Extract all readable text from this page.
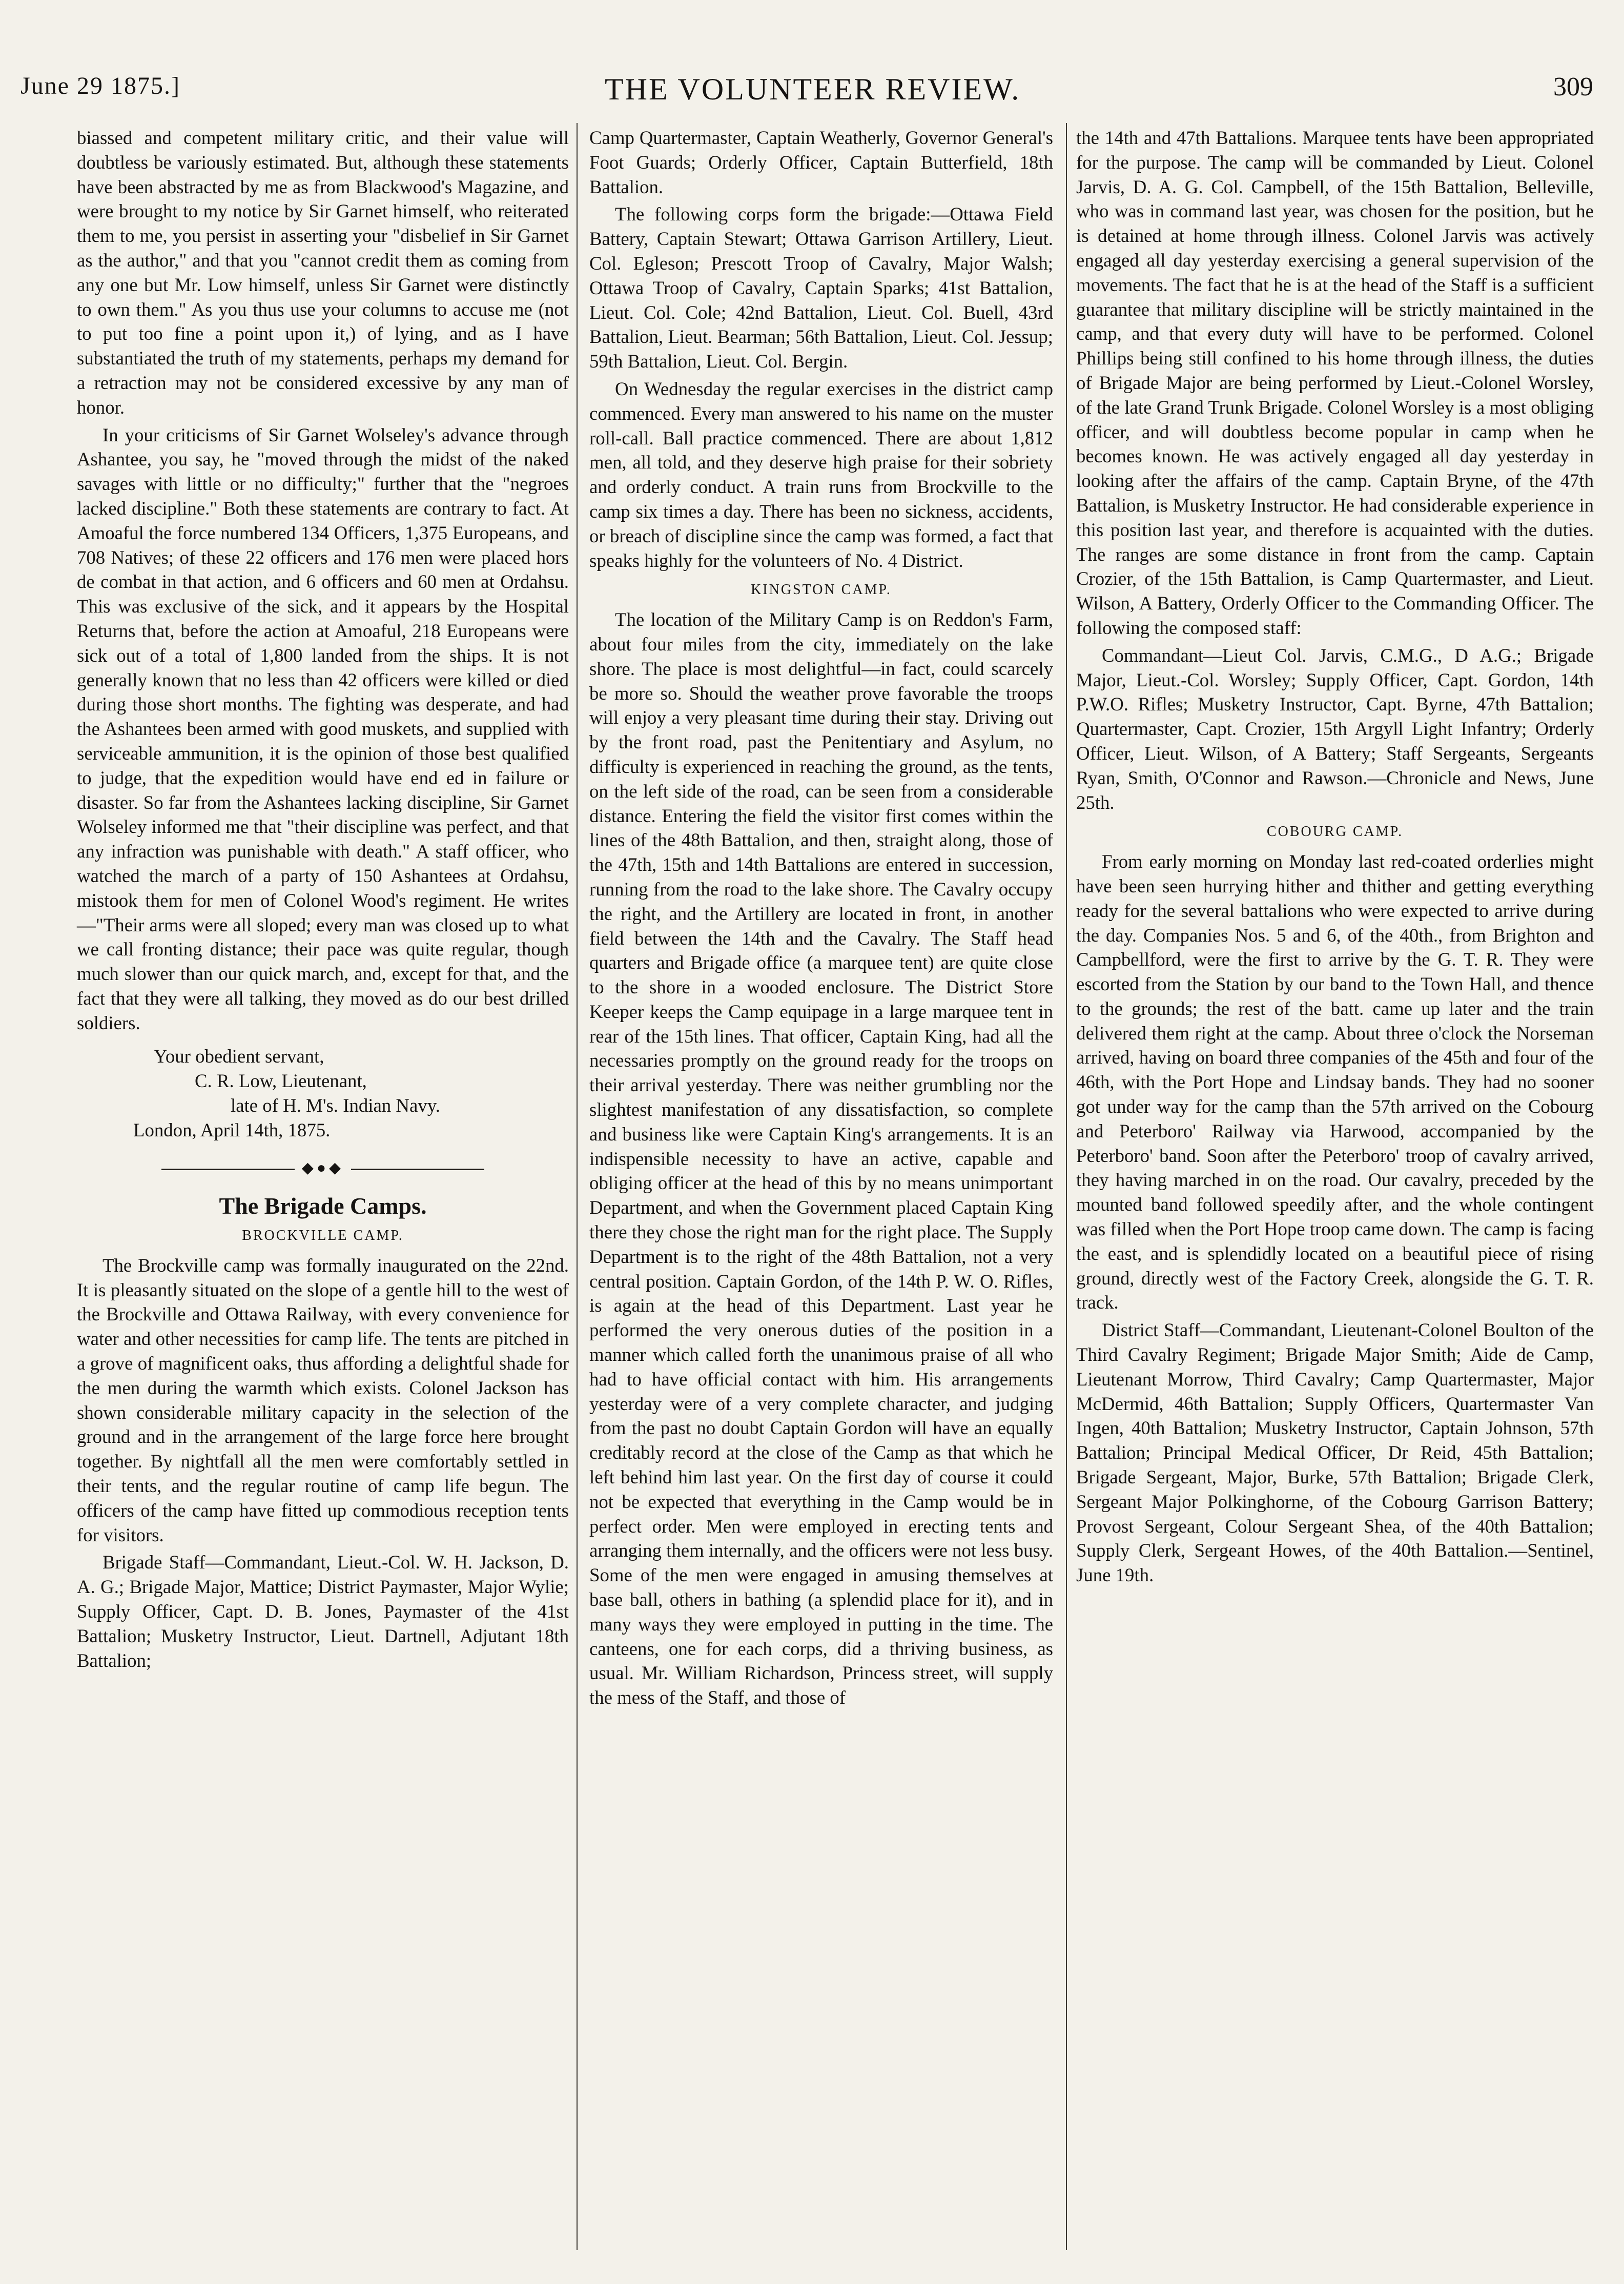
June 29 1875.]	THE VOLUNTEER REVIEW.	309

biassed and competent military critic, and their value will doubtless be variously estimated. But, although these statements have been abstracted by me as from Blackwood's Magazine, and were brought to my notice by Sir Garnet himself, who reiterated them to me, you persist in asserting your "disbelief in Sir Garnet as the author," and that you "cannot credit them as coming from any one but Mr. Low himself, unless Sir Garnet were distinctly to own them." As you thus use your columns to accuse me (not to put too fine a point upon it,) of lying, and as I have substantiated the truth of my statements, perhaps my demand for a retraction may not be considered excessive by any man of honor.

In your criticisms of Sir Garnet Wolseley's advance through Ashantee, you say, he "moved through the midst of the naked savages with little or no difficulty;" further that the "negroes lacked discipline." Both these statements are contrary to fact. At Amoaful the force numbered 134 Officers, 1,375 Europeans, and 708 Natives; of these 22 officers and 176 men were placed hors de combat in that action, and 6 officers and 60 men at Ordahsu. This was exclusive of the sick, and it appears by the Hospital Returns that, before the action at Amoaful, 218 Europeans were sick out of a total of 1,800 landed from the ships. It is not generally known that no less than 42 officers were killed or died during those short months. The fighting was desperate, and had the Ashantees been armed with good muskets, and supplied with serviceable ammunition, it is the opinion of those best qualified to judge, that the expedition would have end ed in failure or disaster. So far from the Ashantees lacking discipline, Sir Garnet Wolseley informed me that "their discipline was perfect, and that any infraction was punishable with death." A staff officer, who watched the march of a party of 150 Ashantees at Ordahsu, mistook them for men of Colonel Wood's regiment. He writes—"Their arms were all sloped; every man was closed up to what we call fronting distance; their pace was quite regular, though much slower than our quick march, and, except for that, and the fact that they were all talking, they moved as do our best drilled soldiers.

Your obedient servant,
C. R. Low, Lieutenant,
late of H. M's. Indian Navy.
London, April 14th, 1875.
◆●◆
The Brigade Camps.
BROCKVILLE CAMP.

The Brockville camp was formally inaugurated on the 22nd. It is pleasantly situated on the slope of a gentle hill to the west of the Brockville and Ottawa Railway, with every convenience for water and other necessities for camp life. The tents are pitched in a grove of magnificent oaks, thus affording a delightful shade for the men during the warmth which exists. Colonel Jackson has shown considerable military capacity in the selection of the ground and in the arrangement of the large force here brought together. By nightfall all the men were comfortably settled in their tents, and the regular routine of camp life begun. The officers of the camp have fitted up commodious reception tents for visitors.

Brigade Staff—Commandant, Lieut.-Col. W. H. Jackson, D. A. G.; Brigade Major, Mattice; District Paymaster, Major Wylie; Supply Officer, Capt. D. B. Jones, Paymaster of the 41st Battalion; Musketry Instructor, Lieut. Dartnell, Adjutant 18th Battalion;

Camp Quartermaster, Captain Weatherly, Governor General's Foot Guards; Orderly Officer, Captain Butterfield, 18th Battalion.

The following corps form the brigade:—Ottawa Field Battery, Captain Stewart; Ottawa Garrison Artillery, Lieut. Col. Egleson; Prescott Troop of Cavalry, Major Walsh; Ottawa Troop of Cavalry, Captain Sparks; 41st Battalion, Lieut. Col. Cole; 42nd Battalion, Lieut. Col. Buell, 43rd Battalion, Lieut. Bearman; 56th Battalion, Lieut. Col. Jessup; 59th Battalion, Lieut. Col. Bergin.

On Wednesday the regular exercises in the district camp commenced. Every man answered to his name on the muster roll-call. Ball practice commenced. There are about 1,812 men, all told, and they deserve high praise for their sobriety and orderly conduct. A train runs from Brockville to the camp six times a day. There has been no sickness, accidents, or breach of discipline since the camp was formed, a fact that speaks highly for the volunteers of No. 4 District.

KINGSTON CAMP.

The location of the Military Camp is on Reddon's Farm, about four miles from the city, immediately on the lake shore. The place is most delightful—in fact, could scarcely be more so. Should the weather prove favorable the troops will enjoy a very pleasant time during their stay. Driving out by the front road, past the Penitentiary and Asylum, no difficulty is experienced in reaching the ground, as the tents, on the left side of the road, can be seen from a considerable distance. Entering the field the visitor first comes within the lines of the 48th Battalion, and then, straight along, those of the 47th, 15th and 14th Battalions are entered in succession, running from the road to the lake shore. The Cavalry occupy the right, and the Artillery are located in front, in another field between the 14th and the Cavalry. The Staff head quarters and Brigade office (a marquee tent) are quite close to the shore in a wooded enclosure. The District Store Keeper keeps the Camp equipage in a large marquee tent in rear of the 15th lines. That officer, Captain King, had all the necessaries promptly on the ground ready for the troops on their arrival yesterday. There was neither grumbling nor the slightest manifestation of any dissatisfaction, so complete and business like were Captain King's arrangements. It is an indispensible necessity to have an active, capable and obliging officer at the head of this by no means unimportant Department, and when the Government placed Captain King there they chose the right man for the right place. The Supply Department is to the right of the 48th Battalion, not a very central position. Captain Gordon, of the 14th P. W. O. Rifles, is again at the head of this Department. Last year he performed the very onerous duties of the position in a manner which called forth the unanimous praise of all who had to have official contact with him. His arrangements yesterday were of a very complete character, and judging from the past no doubt Captain Gordon will have an equally creditably record at the close of the Camp as that which he left behind him last year. On the first day of course it could not be expected that everything in the Camp would be in perfect order. Men were employed in erecting tents and arranging them internally, and the officers were not less busy. Some of the men were engaged in amusing themselves at base ball, others in bathing (a splendid place for it), and in many ways they were employed in putting in the time. The canteens, one for each corps, did a thriving business, as usual. Mr. William Richardson, Princess street, will supply the mess of the Staff, and those of

the 14th and 47th Battalions. Marquee tents have been appropriated for the purpose. The camp will be commanded by Lieut. Colonel Jarvis, D. A. G. Col. Campbell, of the 15th Battalion, Belleville, who was in command last year, was chosen for the position, but he is detained at home through illness. Colonel Jarvis was actively engaged all day yesterday exercising a general supervision of the movements. The fact that he is at the head of the Staff is a sufficient guarantee that military discipline will be strictly maintained in the camp, and that every duty will have to be performed. Colonel Phillips being still confined to his home through illness, the duties of Brigade Major are being performed by Lieut.-Colonel Worsley, of the late Grand Trunk Brigade. Colonel Worsley is a most obliging officer, and will doubtless become popular in camp when he becomes known. He was actively engaged all day yesterday in looking after the affairs of the camp. Captain Bryne, of the 47th Battalion, is Musketry Instructor. He had considerable experience in this position last year, and therefore is acquainted with the duties. The ranges are some distance in front from the camp. Captain Crozier, of the 15th Battalion, is Camp Quartermaster, and Lieut. Wilson, A Battery, Orderly Officer to the Commanding Officer. The following the composed staff:

Commandant—Lieut Col. Jarvis, C.M.G., D A.G.; Brigade Major, Lieut.-Col. Worsley; Supply Officer, Capt. Gordon, 14th P.W.O. Rifles; Musketry Instructor, Capt. Byrne, 47th Battalion; Quartermaster, Capt. Crozier, 15th Argyll Light Infantry; Orderly Officer, Lieut. Wilson, of A Battery; Staff Sergeants, Sergeants Ryan, Smith, O'Connor and Rawson.—Chronicle and News, June 25th.

COBOURG CAMP.

From early morning on Monday last red-coated orderlies might have been seen hurrying hither and thither and getting everything ready for the several battalions who were expected to arrive during the day. Companies Nos. 5 and 6, of the 40th., from Brighton and Campbellford, were the first to arrive by the G. T. R. They were escorted from the Station by our band to the Town Hall, and thence to the grounds; the rest of the batt. came up later and the train delivered them right at the camp. About three o'clock the Norseman arrived, having on board three companies of the 45th and four of the 46th, with the Port Hope and Lindsay bands. They had no sooner got under way for the camp than the 57th arrived on the Cobourg and Peterboro' Railway via Harwood, accompanied by the Peterboro' band. Soon after the Peterboro' troop of cavalry arrived, they having marched in on the road. Our cavalry, preceded by the mounted band followed speedily after, and the whole contingent was filled when the Port Hope troop came down. The camp is facing the east, and is splendidly located on a beautiful piece of rising ground, directly west of the Factory Creek, alongside the G. T. R. track.

District Staff—Commandant, Lieutenant-Colonel Boulton of the Third Cavalry Regiment; Brigade Major Smith; Aide de Camp, Lieutenant Morrow, Third Cavalry; Camp Quartermaster, Major McDermid, 46th Battalion; Supply Officers, Quartermaster Van Ingen, 40th Battalion; Musketry Instructor, Captain Johnson, 57th Battalion; Principal Medical Officer, Dr Reid, 45th Battalion; Brigade Sergeant, Major, Burke, 57th Battalion; Brigade Clerk, Sergeant Major Polkinghorne, of the Cobourg Garrison Battery; Provost Sergeant, Colour Sergeant Shea, of the 40th Battalion; Supply Clerk, Sergeant Howes, of the 40th Battalion.—Sentinel, June 19th.
